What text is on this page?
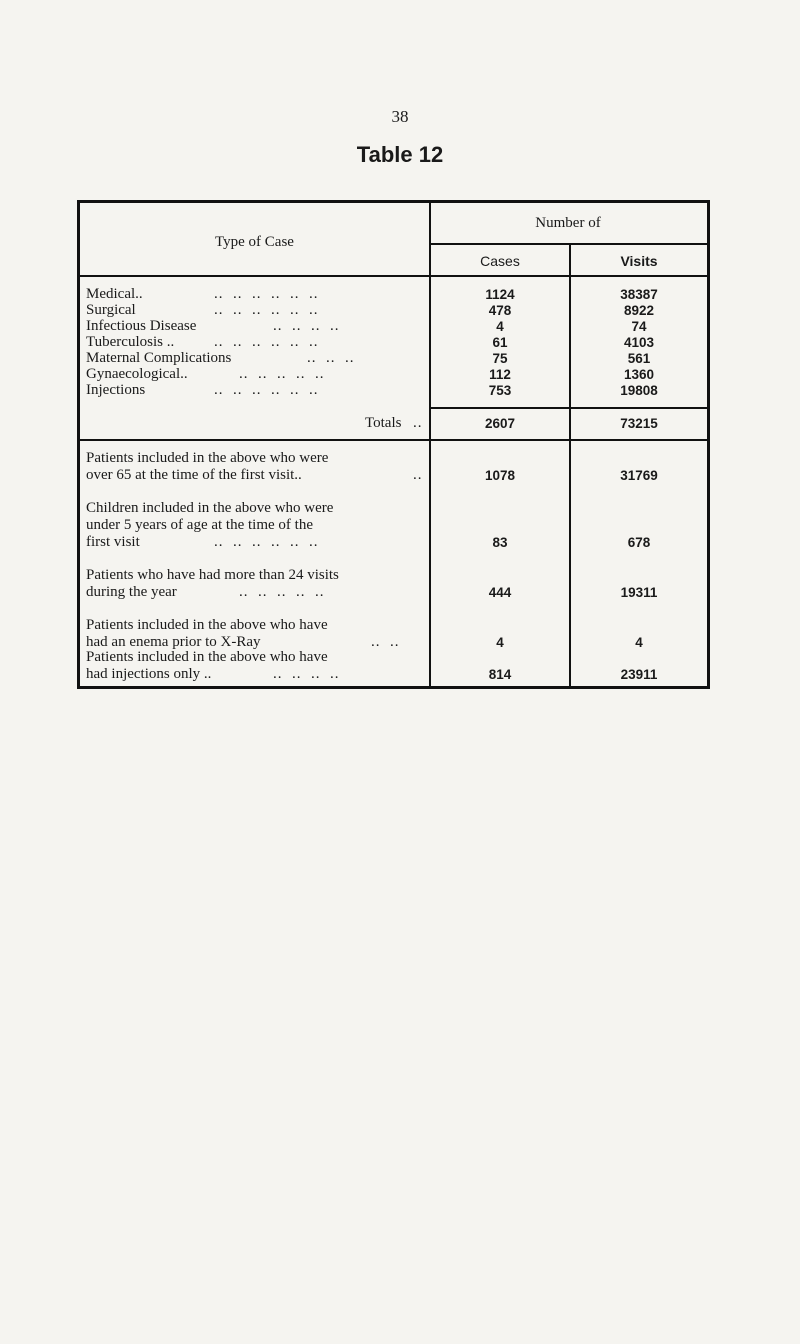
38
Table 12
Type of Case
Number of
Cases	Visits
Medical..	..  ..  ..  ..  ..  ..	1124	38387
Surgical	..  ..  ..  ..  ..  ..	478	8922
Infectious Disease	..  ..  ..  ..	4	74
Tuberculosis ..	..  ..  ..  ..  ..  ..	61	4103
Maternal Complications	..  ..  ..	75	561
Gynaecological..	..  ..  ..  ..  ..	112	1360
Injections	..  ..  ..  ..  ..  ..	753	19808
Totals ..	2607	73215
Patients included in the above who were
over 65 at the time of the first visit..	..	1078	31769
Children included in the above who were
under 5 years of age at the time of the
first visit	..  ..  ..  ..  ..  ..	83	678
Patients who have had more than 24 visits
during the year	..  ..  ..  ..  ..	444	19311
Patients included in the above who have
had an enema prior to X-Ray	..  ..	4	4
Patients included in the above who have
had injections only ..	..  ..  ..  ..	814	23911
